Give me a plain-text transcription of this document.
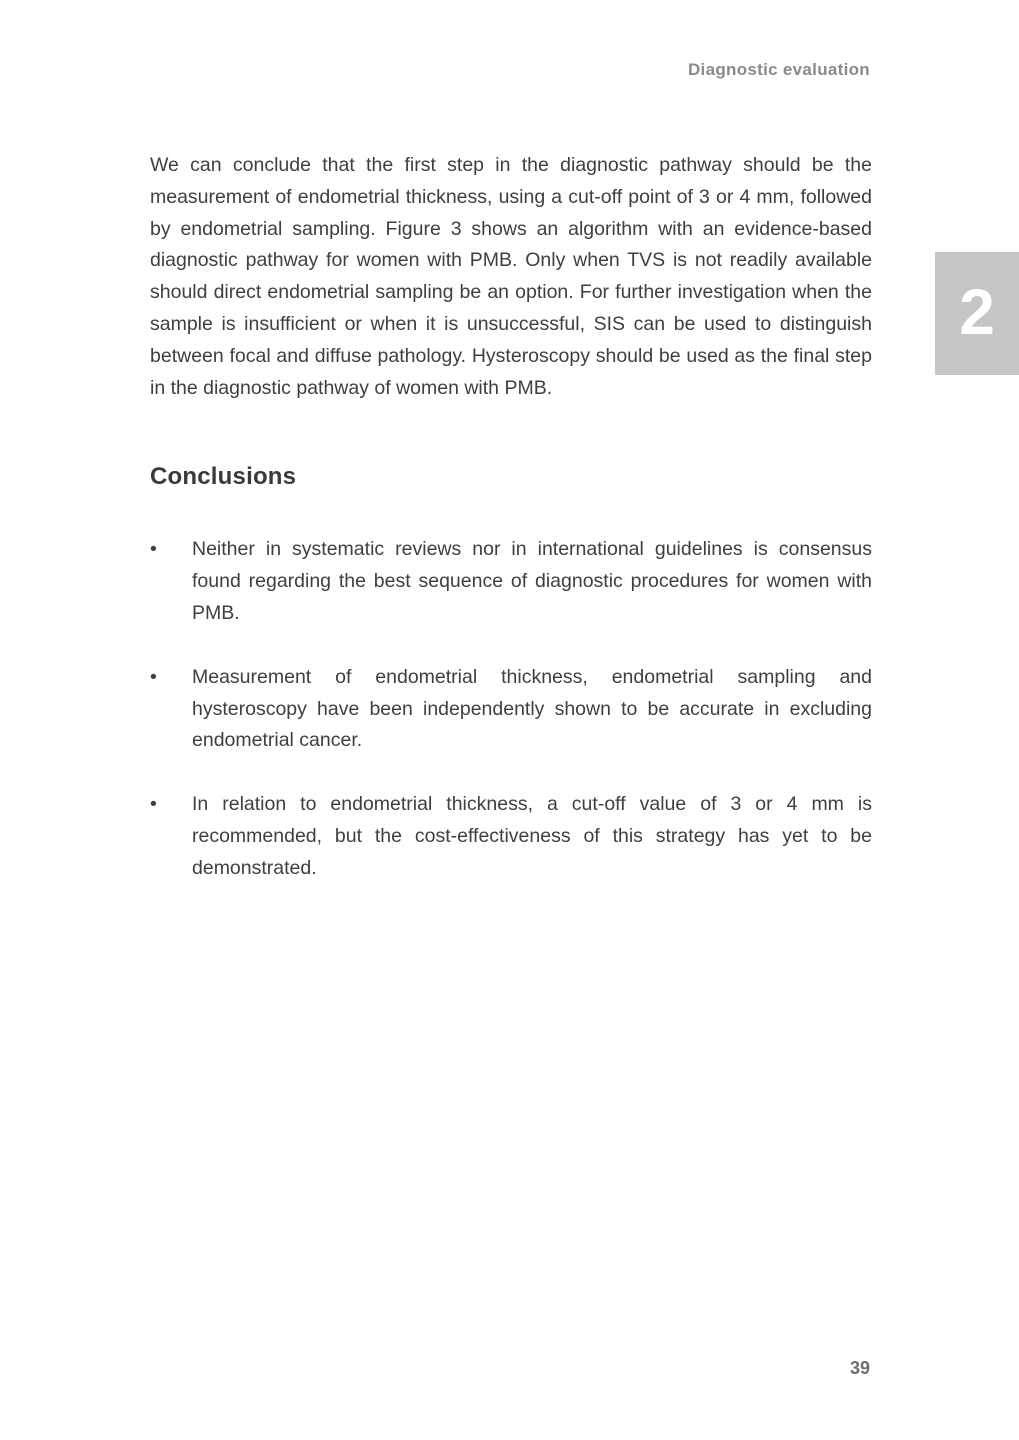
Diagnostic evaluation
2

We can conclude that the first step in the diagnostic pathway should be the measurement of endometrial thickness, using a cut-off point of 3 or 4 mm, followed by endometrial sampling. Figure 3 shows an algorithm with an evidence-based diagnostic pathway for women with PMB. Only when TVS is not readily available should direct endometrial sampling be an option. For further investigation when the sample is insufficient or when it is unsuccessful, SIS can be used to distinguish between focal and diffuse pathology. Hysteroscopy should be used as the final step in the diagnostic pathway of women with PMB.

Conclusions
•	Neither in systematic reviews nor in international guidelines is consensus found regarding the best sequence of diagnostic procedures for women with PMB.
•	Measurement of endometrial thickness, endometrial sampling and hysteroscopy have been independently shown to be accurate in excluding endometrial cancer.
•	In relation to endometrial thickness, a cut-off value of 3 or 4 mm is recommended, but the cost-effectiveness of this strategy has yet to be demonstrated.
39
